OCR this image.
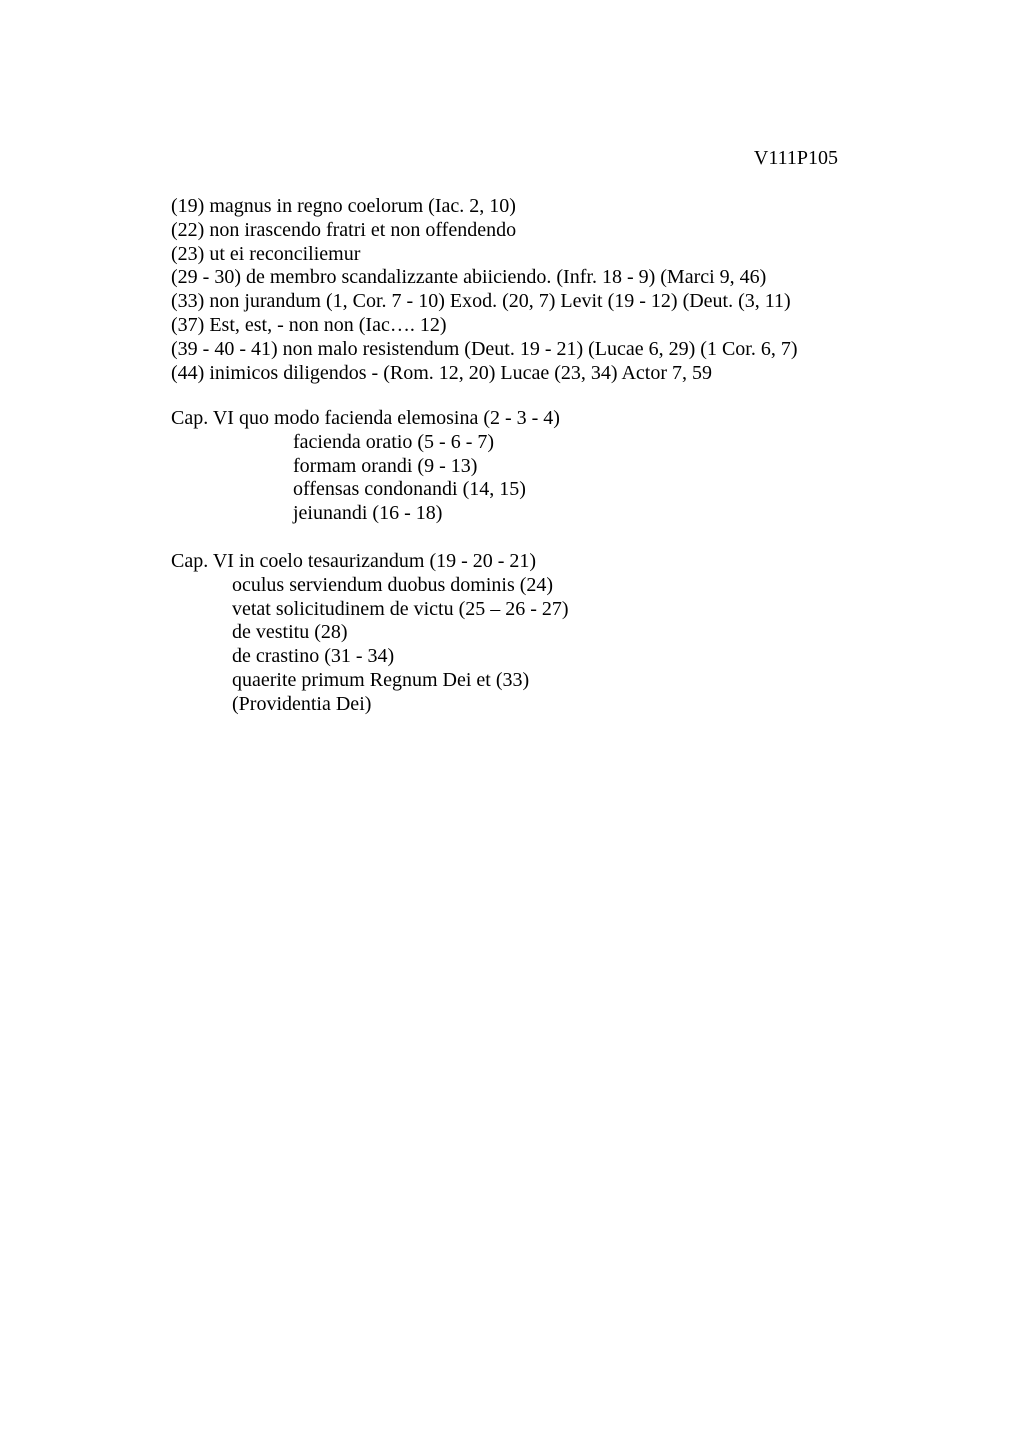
V111P105
(19) magnus in regno coelorum (Iac. 2, 10)
(22) non irascendo fratri et non offendendo
(23) ut ei reconciliemur
(29 - 30) de membro scandalizzante abiiciendo. (Infr. 18 - 9) (Marci 9, 46)
(33) non jurandum (1, Cor. 7 - 10) Exod. (20, 7) Levit (19 - 12) (Deut. (3, 11)
(37) Est, est, - non non (Iac…. 12)
(39 - 40 - 41) non malo resistendum (Deut. 19 - 21) (Lucae 6, 29) (1 Cor. 6, 7)
(44) inimicos diligendos - (Rom. 12, 20) Lucae (23, 34) Actor 7, 59
Cap. VI quo modo facienda elemosina (2 - 3 - 4)
facienda oratio (5 - 6 - 7)
formam orandi (9 - 13)
offensas condonandi (14, 15)
jeiunandi (16 - 18)
Cap. VI in coelo tesaurizandum (19 - 20 - 21)
oculus serviendum duobus dominis (24)
vetat solicitudinem de victu (25 – 26 - 27)
de vestitu (28)
de crastino (31 - 34)
quaerite primum Regnum Dei et (33)
(Providentia Dei)
